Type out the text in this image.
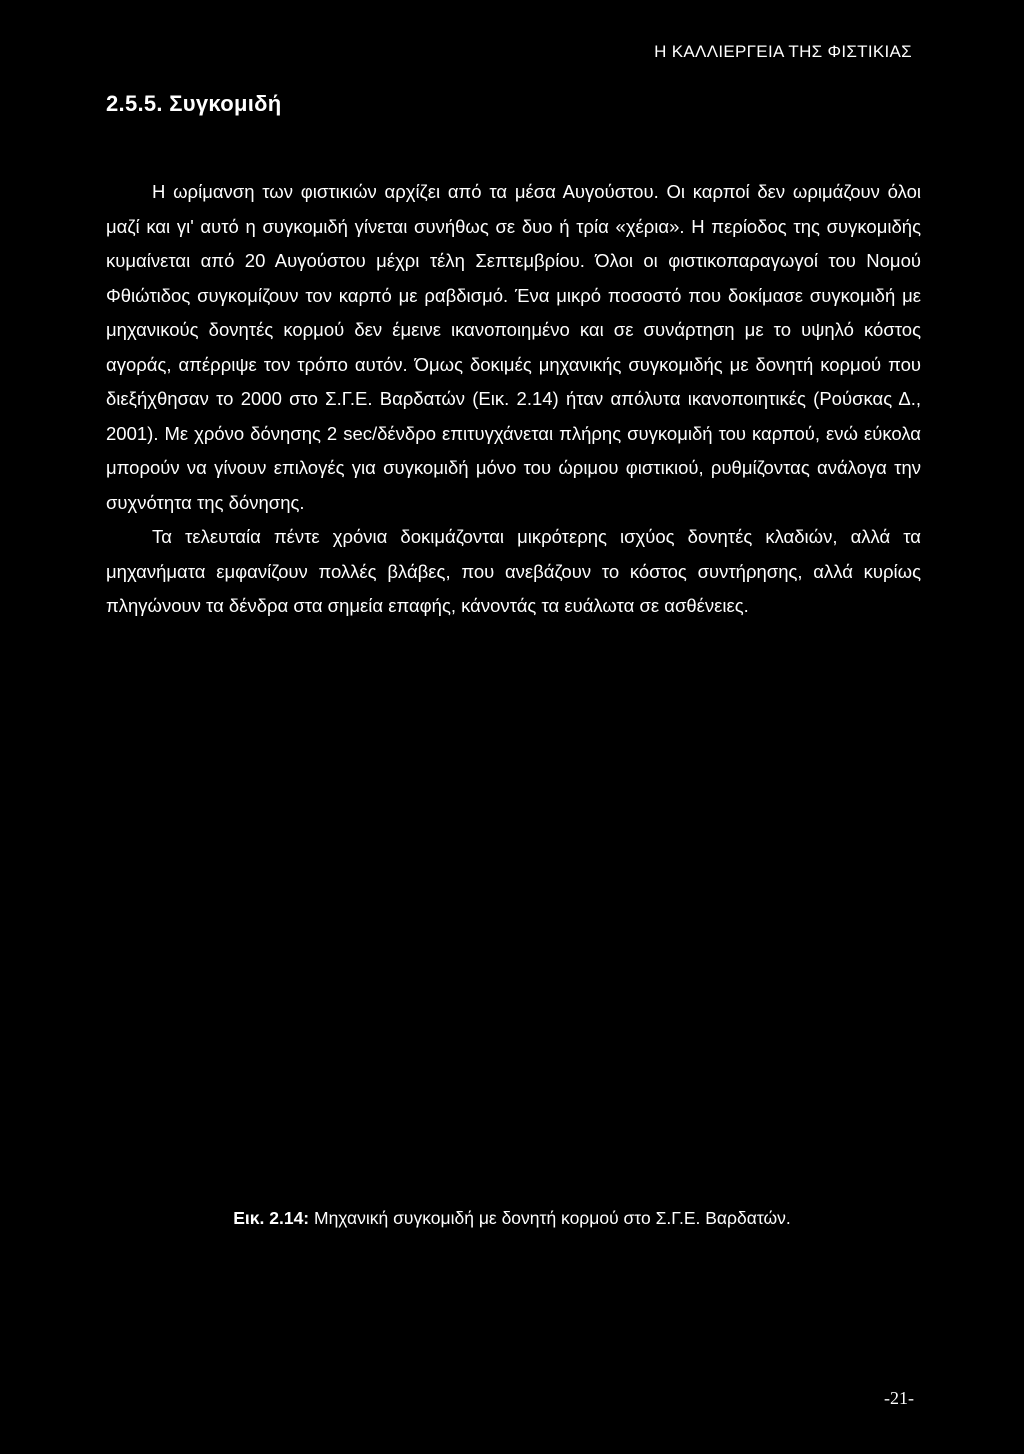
Η ΚΑΛΛΙΕΡΓΕΙΑ ΤΗΣ ΦΙΣΤΙΚΙΑΣ
2.5.5. Συγκομιδή

Η ωρίμανση των φιστικιών αρχίζει από τα μέσα Αυγούστου. Οι καρποί δεν ωριμάζουν όλοι μαζί και γι' αυτό η συγκομιδή γίνεται συνήθως σε δυο ή τρία «χέρια». Η περίοδος της συγκομιδής κυμαίνεται από 20 Αυγούστου μέχρι τέλη Σεπτεμβρίου. Όλοι οι φιστικοπαραγωγοί του Νομού Φθιώτιδος συγκομίζουν τον καρπό με ραβδισμό. Ένα μικρό ποσοστό που δοκίμασε συγκομιδή με μηχανικούς δονητές κορμού δεν έμεινε ικανοποιημένο και σε συνάρτηση με το υψηλό κόστος αγοράς, απέρριψε τον τρόπο αυτόν. Όμως δοκιμές μηχανικής συγκομιδής με δονητή κορμού που διεξήχθησαν το 2000 στο Σ.Γ.Ε. Βαρδατών (Εικ. 2.14) ήταν απόλυτα ικανοποιητικές (Ρούσκας Δ., 2001). Με χρόνο δόνησης 2 sec/δένδρο επιτυγχάνεται πλήρης συγκομιδή του καρπού, ενώ εύκολα μπορούν να γίνουν επιλογές για συγκομιδή μόνο του ώριμου φιστικιού, ρυθμίζοντας ανάλογα την συχνότητα της δόνησης.

Τα τελευταία πέντε χρόνια δοκιμάζονται μικρότερης ισχύος δονητές κλαδιών, αλλά τα μηχανήματα εμφανίζουν πολλές βλάβες, που ανεβάζουν το κόστος συντήρησης, αλλά κυρίως πληγώνουν τα δένδρα στα σημεία επαφής, κάνοντάς τα ευάλωτα σε ασθένειες.

Εικ. 2.14: Μηχανική συγκομιδή με δονητή κορμού στο Σ.Γ.Ε. Βαρδατών.
-21-
